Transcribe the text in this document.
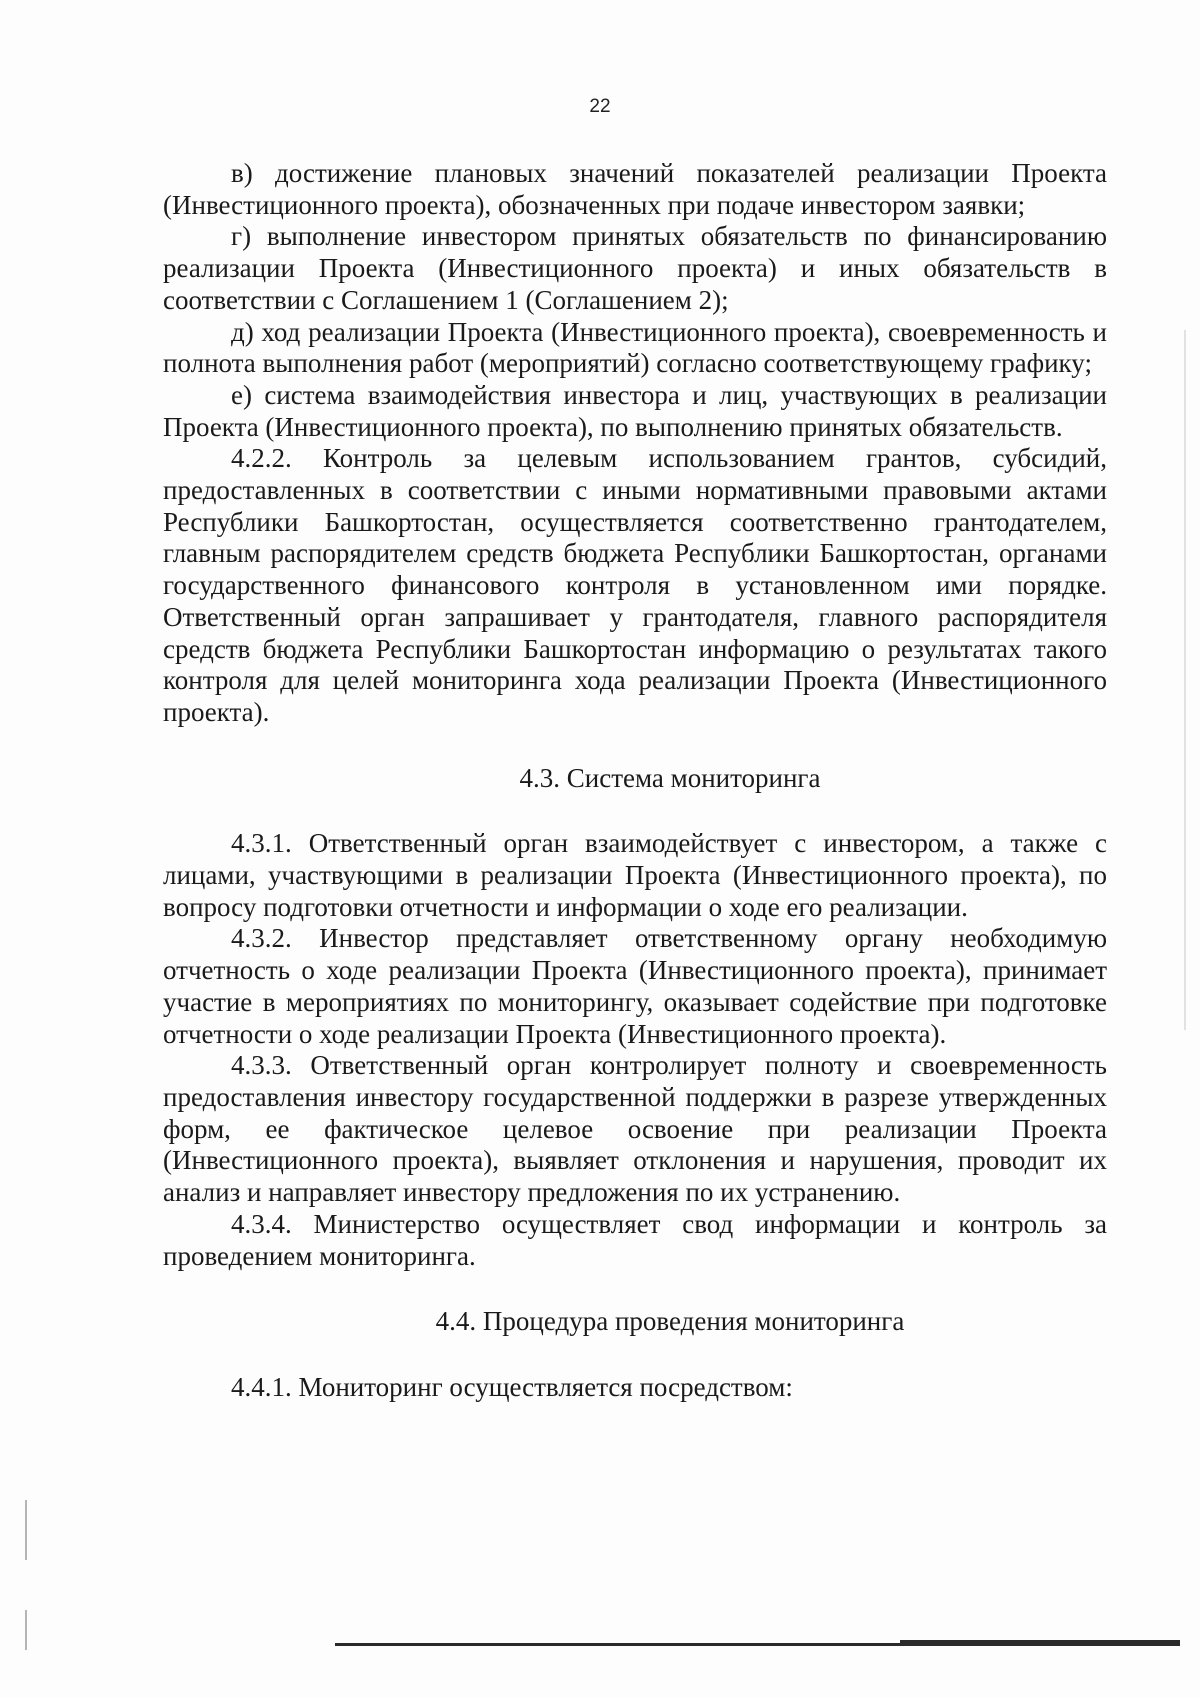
22

в) достижение плановых значений показателей реализации Проекта (Инвестиционного проекта), обозначенных при подаче инвестором заявки;

г) выполнение инвестором принятых обязательств по финансированию реализации Проекта (Инвестиционного проекта) и иных обязательств в соответствии с Соглашением 1 (Соглашением 2);

д) ход реализации Проекта (Инвестиционного проекта), своевременность и полнота выполнения работ (мероприятий) согласно соответствующему графику;

е) система взаимодействия инвестора и лиц, участвующих в реализации Проекта (Инвестиционного проекта), по выполнению принятых обязательств.

4.2.2. Контроль за целевым использованием грантов, субсидий, предоставленных в соответствии с иными нормативными правовыми актами Республики Башкортостан, осуществляется соответственно грантодателем, главным распорядителем средств бюджета Республики Башкортостан, органами государственного финансового контроля в установленном ими порядке. Ответственный орган запрашивает у грантодателя, главного распорядителя средств бюджета Республики Башкортостан информацию о результатах такого контроля для целей мониторинга хода реализации Проекта (Инвестиционного проекта).

4.3. Система мониторинга

4.3.1. Ответственный орган взаимодействует с инвестором, а также с лицами, участвующими в реализации Проекта (Инвестиционного проекта), по вопросу подготовки отчетности и информации о ходе его реализации.

4.3.2. Инвестор представляет ответственному органу необходимую отчетность о ходе реализации Проекта (Инвестиционного проекта), принимает участие в мероприятиях по мониторингу, оказывает содействие при подготовке отчетности о ходе реализации Проекта (Инвестиционного проекта).

4.3.3. Ответственный орган контролирует полноту и своевременность предоставления инвестору государственной поддержки в разрезе утвержденных форм, ее фактическое целевое освоение при реализации Проекта (Инвестиционного проекта), выявляет отклонения и нарушения, проводит их анализ и направляет инвестору предложения по их устранению.

4.3.4. Министерство осуществляет свод информации и контроль за проведением мониторинга.

4.4. Процедура проведения мониторинга

4.4.1. Мониторинг осуществляется посредством:
